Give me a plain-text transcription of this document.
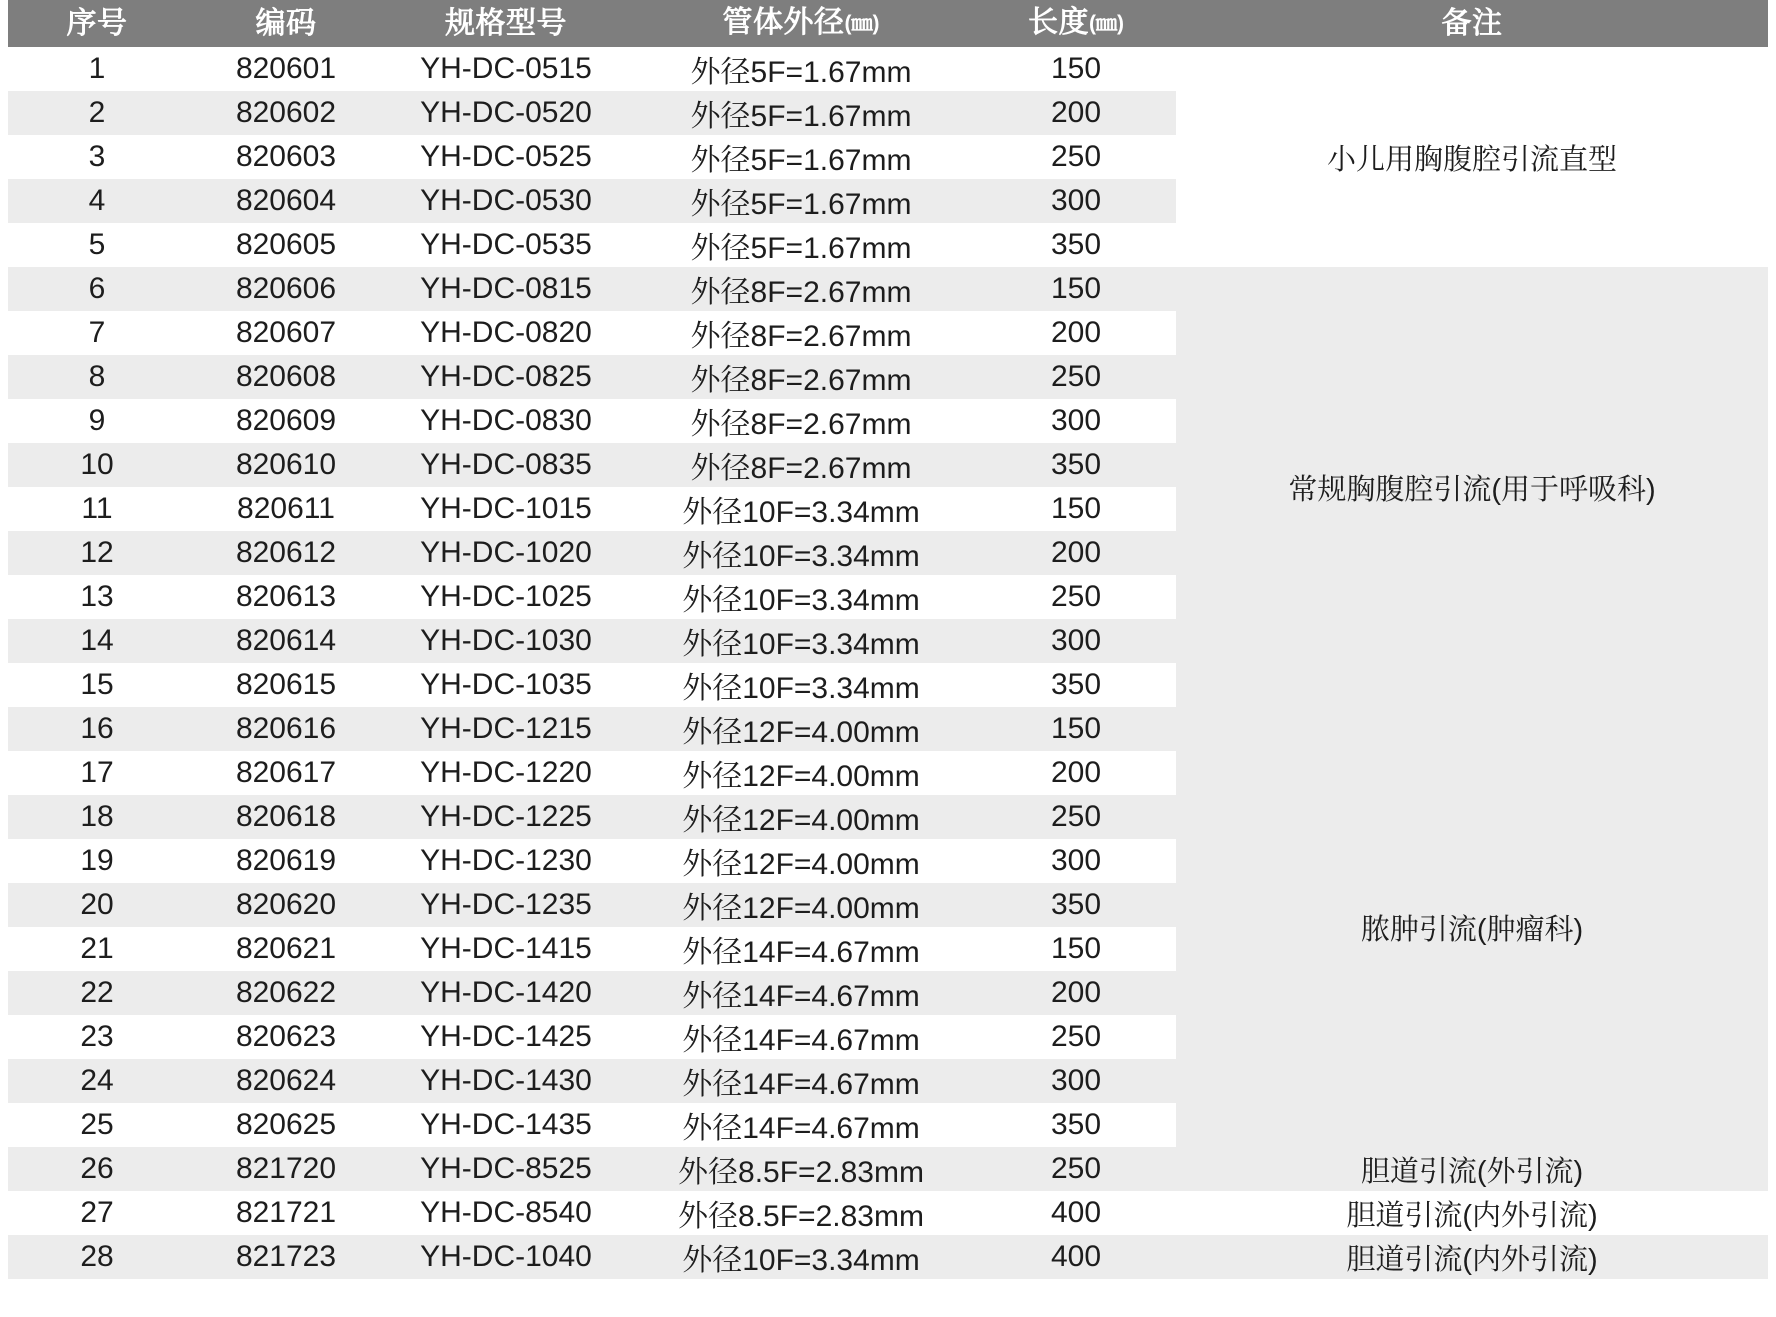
序号	编码	规格型号	管体外径(㎜)	长度(㎜)	备注
1	820601	YH-DC-0515	外径5F=1.67mm	150	小儿用胸腹腔引流直型
2	820602	YH-DC-0520	外径5F=1.67mm	200	
3	820603	YH-DC-0525	外径5F=1.67mm	250	
4	820604	YH-DC-0530	外径5F=1.67mm	300	
5	820605	YH-DC-0535	外径5F=1.67mm	350	
6	820606	YH-DC-0815	外径8F=2.67mm	150	常规胸腹腔引流(用于呼吸科)
7	820607	YH-DC-0820	外径8F=2.67mm	200	
8	820608	YH-DC-0825	外径8F=2.67mm	250	
9	820609	YH-DC-0830	外径8F=2.67mm	300	
10	820610	YH-DC-0835	外径8F=2.67mm	350	
11	820611	YH-DC-1015	外径10F=3.34mm	150	
12	820612	YH-DC-1020	外径10F=3.34mm	200	
13	820613	YH-DC-1025	外径10F=3.34mm	250	
14	820614	YH-DC-1030	外径10F=3.34mm	300	
15	820615	YH-DC-1035	外径10F=3.34mm	350	
16	820616	YH-DC-1215	外径12F=4.00mm	150	脓肿引流(肿瘤科)
17	820617	YH-DC-1220	外径12F=4.00mm	200	
18	820618	YH-DC-1225	外径12F=4.00mm	250	
19	820619	YH-DC-1230	外径12F=4.00mm	300	
20	820620	YH-DC-1235	外径12F=4.00mm	350	
21	820621	YH-DC-1415	外径14F=4.67mm	150	
22	820622	YH-DC-1420	外径14F=4.67mm	200	
23	820623	YH-DC-1425	外径14F=4.67mm	250	
24	820624	YH-DC-1430	外径14F=4.67mm	300	
25	820625	YH-DC-1435	外径14F=4.67mm	350	
26	821720	YH-DC-8525	外径8.5F=2.83mm	250	胆道引流(外引流)
27	821721	YH-DC-8540	外径8.5F=2.83mm	400	胆道引流(内外引流)
28	821723	YH-DC-1040	外径10F=3.34mm	400	胆道引流(内外引流)
